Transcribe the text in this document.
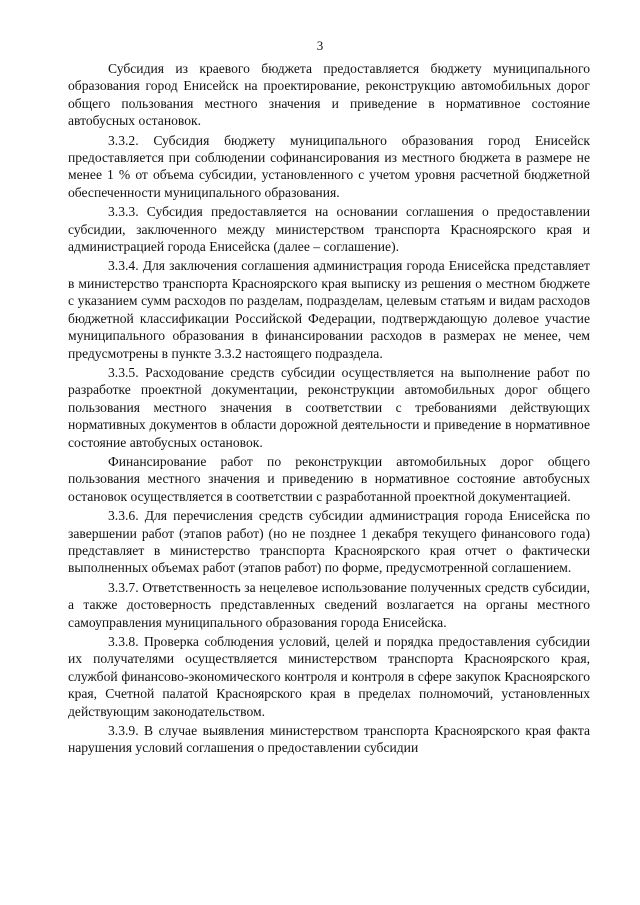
3

Субсидия из краевого бюджета предоставляется бюджету муниципального образования город Енисейск на проектирование, реконструкцию автомобильных дорог общего пользования местного значения и приведение в нормативное состояние автобусных остановок.

3.3.2. Субсидия бюджету муниципального образования город Енисейск предоставляется при соблюдении софинансирования из местного бюджета в размере не менее 1 % от объема субсидии, установленного с учетом уровня расчетной бюджетной обеспеченности муниципального образования.

3.3.3. Субсидия предоставляется на основании соглашения о предоставлении субсидии, заключенного между министерством транспорта Красноярского края и администрацией города Енисейска (далее – соглашение).

3.3.4. Для заключения соглашения администрация города Енисейска представляет в министерство транспорта Красноярского края выписку из решения о местном бюджете с указанием сумм расходов по разделам, подразделам, целевым статьям и видам расходов бюджетной классификации Российской Федерации, подтверждающую долевое участие муниципального образования в финансировании расходов в размерах не менее, чем предусмотрены в пункте 3.3.2 настоящего подраздела.

3.3.5. Расходование средств субсидии осуществляется на выполнение работ по разработке проектной документации, реконструкции автомобильных дорог общего пользования местного значения в соответствии с требованиями действующих нормативных документов в области дорожной деятельности и приведение в нормативное состояние автобусных остановок.

Финансирование работ по реконструкции автомобильных дорог общего пользования местного значения и приведению в нормативное состояние автобусных остановок осуществляется в соответствии с разработанной проектной документацией.

3.3.6. Для перечисления средств субсидии администрация города Енисейска по завершении работ (этапов работ) (но не позднее 1 декабря текущего финансового года) представляет в министерство транспорта Красноярского края отчет о фактически выполненных объемах работ (этапов работ) по форме, предусмотренной соглашением.

3.3.7. Ответственность за нецелевое использование полученных средств субсидии, а также достоверность представленных сведений возлагается на органы местного самоуправления муниципального образования города Енисейска.

3.3.8. Проверка соблюдения условий, целей и порядка предоставления субсидии их получателями осуществляется министерством транспорта Красноярского края, службой финансово-экономического контроля и контроля в сфере закупок Красноярского края, Счетной палатой Красноярского края в пределах полномочий, установленных действующим законодательством.

3.3.9. В случае выявления министерством транспорта Красноярского края факта нарушения условий соглашения о предоставлении субсидии
